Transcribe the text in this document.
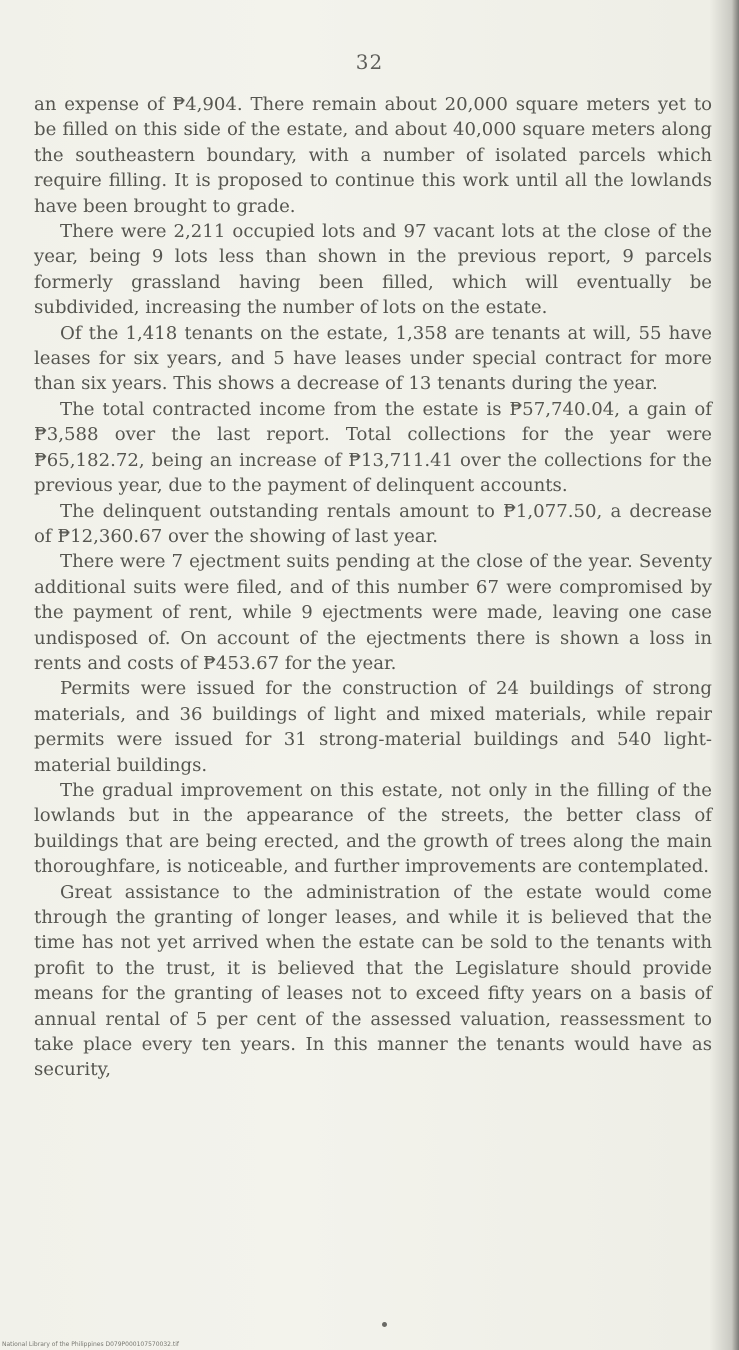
32

an expense of ₱4,904. There remain about 20,000 square meters yet to be filled on this side of the estate, and about 40,000 square meters along the southeastern boundary, with a number of isolated parcels which require filling. It is proposed to continue this work until all the lowlands have been brought to grade.

There were 2,211 occupied lots and 97 vacant lots at the close of the year, being 9 lots less than shown in the previous report, 9 parcels formerly grassland having been filled, which will eventually be subdivided, increasing the number of lots on the estate.

Of the 1,418 tenants on the estate, 1,358 are tenants at will, 55 have leases for six years, and 5 have leases under special contract for more than six years. This shows a decrease of 13 tenants during the year.

The total contracted income from the estate is ₱57,740.04, a gain of ₱3,588 over the last report. Total collections for the year were ₱65,182.72, being an increase of ₱13,711.41 over the collections for the previous year, due to the payment of delinquent accounts.

The delinquent outstanding rentals amount to ₱1,077.50, a decrease of ₱12,360.67 over the showing of last year.

There were 7 ejectment suits pending at the close of the year. Seventy additional suits were filed, and of this number 67 were compromised by the payment of rent, while 9 ejectments were made, leaving one case undisposed of. On account of the ejectments there is shown a loss in rents and costs of ₱453.67 for the year.

Permits were issued for the construction of 24 buildings of strong materials, and 36 buildings of light and mixed materials, while repair permits were issued for 31 strong-material buildings and 540 light-material buildings.

The gradual improvement on this estate, not only in the filling of the lowlands but in the appearance of the streets, the better class of buildings that are being erected, and the growth of trees along the main thoroughfare, is noticeable, and further improvements are contemplated.

Great assistance to the administration of the estate would come through the granting of longer leases, and while it is believed that the time has not yet arrived when the estate can be sold to the tenants with profit to the trust, it is believed that the Legislature should provide means for the granting of leases not to exceed fifty years on a basis of annual rental of 5 per cent of the assessed valuation, reassessment to take place every ten years. In this manner the tenants would have as security,

National Library of the Philippines D079P000107570032.tif
